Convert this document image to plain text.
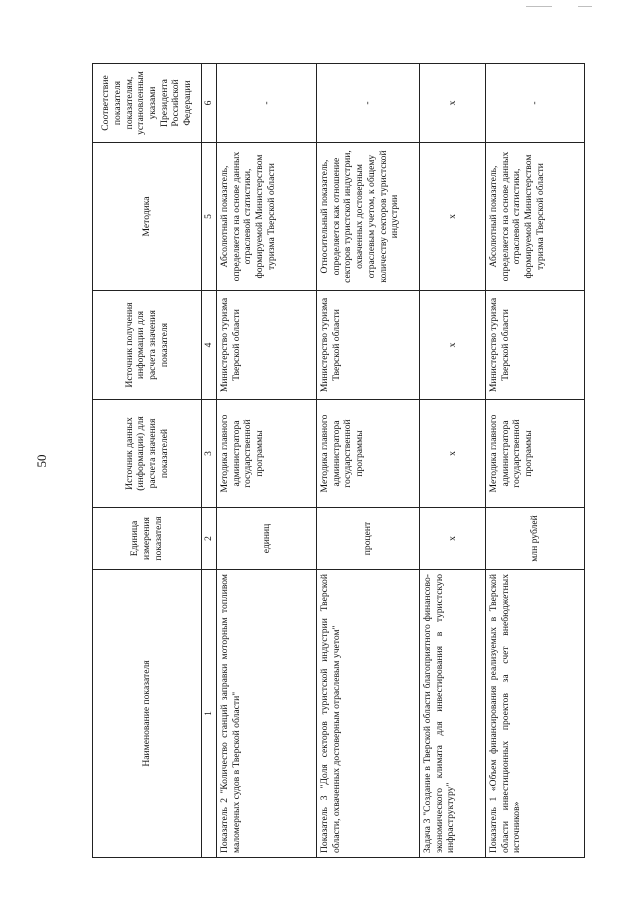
50
Наименование показателя	Единица измерения показателя	Источник данных (информации) для расчета значения показателей	Источник получения информации для расчета значения показателя	Методика	Соответствие показателя показателям, установленным указами Президента Российской Федерации
1	2	3	4	5	6
Показатель 2 "Количество станций заправки моторным топливом маломерных судов в Тверской области"	единиц	Методика главного администратора государственной программы	Министерство туризма Тверской области	Абсолютный показатель, определяется на основе данных отраслевой статистики, формируемой Министерством туризма Тверской области	-
Показатель 3 "Доля секторов туристской индустрии Тверской области, охваченных достоверным отраслевым учетом"	процент	Методика главного администратора государственной программы	Министерство туризма Тверской области	Относительный показатель, определяется как отношение секторов туристской индустрии, охваченных достоверным отраслевым учетом, к общему количеству секторов туристской индустрии	-
Задача 3 "Создание в Тверской области благоприятного финансово-экономического климата для инвестирования в туристскую инфраструктуру"	х	х	х	х	х
Показатель 1 «Объем финансирования реализуемых в Тверской области инвестиционных проектов за счет внебюджетных источников»	млн рублей	Методика главного администратора государственной программы	Министерство туризма Тверской области	Абсолютный показатель, определяется на основе данных отраслевой статистики, формируемой Министерством туризма Тверской области	-
